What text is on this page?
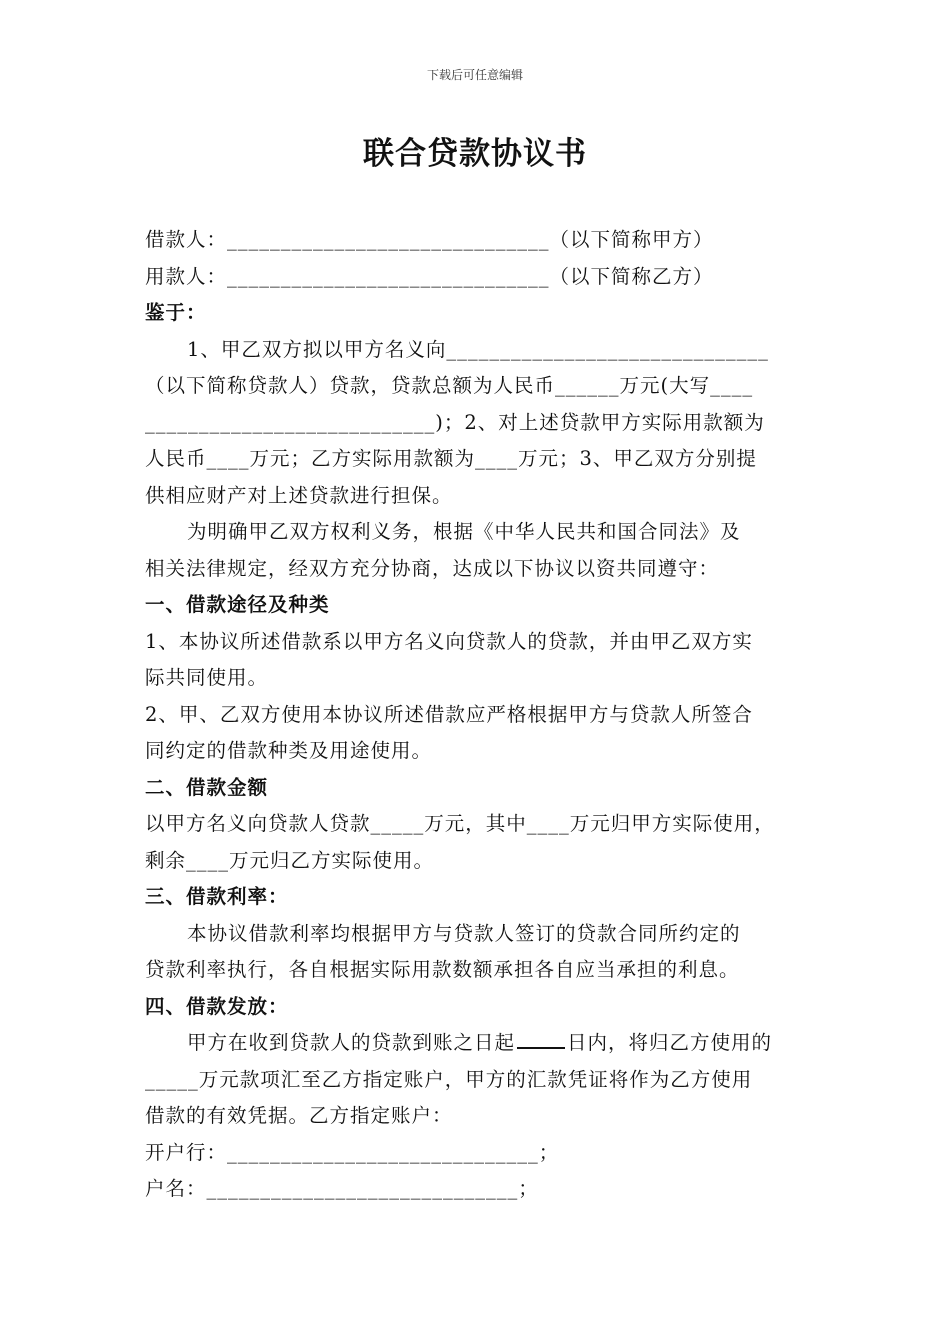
下载后可任意编辑
联合贷款协议书
借款人：______________________________（以下简称甲方）
用款人：______________________________（以下简称乙方）
鉴于：
1、甲乙双方拟以甲方名义向______________________________
（以下简称贷款人）贷款，贷款总额为人民币______万元(大写____
___________________________)；2、对上述贷款甲方实际用款额为
人民币____万元；乙方实际用款额为____万元；3、甲乙双方分别提
供相应财产对上述贷款进行担保。
为明确甲乙双方权利义务，根据《中华人民共和国合同法》及
相关法律规定，经双方充分协商，达成以下协议以资共同遵守：
一、借款途径及种类
1、本协议所述借款系以甲方名义向贷款人的贷款，并由甲乙双方实
际共同使用。
2、甲、乙双方使用本协议所述借款应严格根据甲方与贷款人所签合
同约定的借款种类及用途使用。
二、借款金额
以甲方名义向贷款人贷款_____万元，其中____万元归甲方实际使用，
剩余____万元归乙方实际使用。
三、借款利率：
本协议借款利率均根据甲方与贷款人签订的贷款合同所约定的
贷款利率执行，各自根据实际用款数额承担各自应当承担的利息。
四、借款发放：
甲方在收到贷款人的贷款到账之日起	日内，将归乙方使用的
_____万元款项汇至乙方指定账户，甲方的汇款凭证将作为乙方使用
借款的有效凭据。乙方指定账户：
开户行：_____________________________；
户名：_____________________________；
